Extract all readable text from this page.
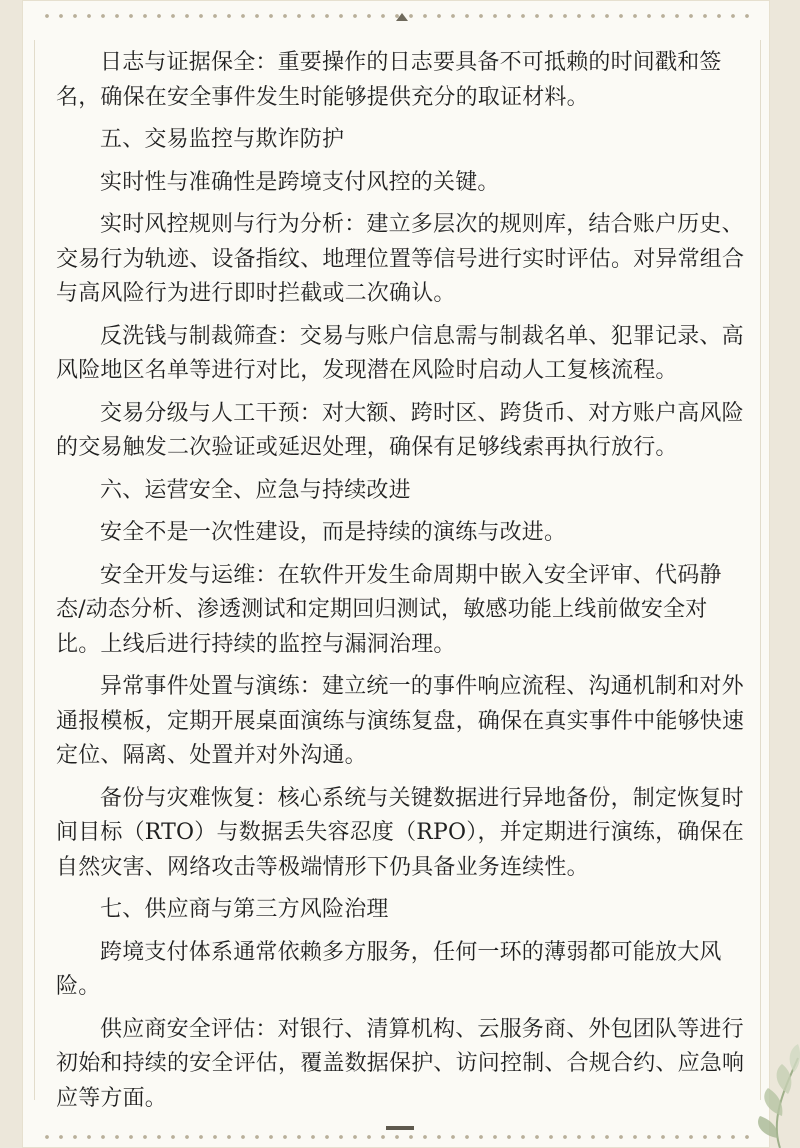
日志与证据保全：重要操作的日志要具备不可抵赖的时间戳和签名，确保在安全事件发生时能够提供充分的取证材料。

五、交易监控与欺诈防护

实时性与准确性是跨境支付风控的关键。

实时风控规则与行为分析：建立多层次的规则库，结合账户历史、交易行为轨迹、设备指纹、地理位置等信号进行实时评估。对异常组合与高风险行为进行即时拦截或二次确认。

反洗钱与制裁筛查：交易与账户信息需与制裁名单、犯罪记录、高风险地区名单等进行对比，发现潜在风险时启动人工复核流程。

交易分级与人工干预：对大额、跨时区、跨货币、对方账户高风险的交易触发二次验证或延迟处理，确保有足够线索再执行放行。

六、运营安全、应急与持续改进

安全不是一次性建设，而是持续的演练与改进。

安全开发与运维：在软件开发生命周期中嵌入安全评审、代码静态/动态分析、渗透测试和定期回归测试，敏感功能上线前做安全对比。上线后进行持续的监控与漏洞治理。

异常事件处置与演练：建立统一的事件响应流程、沟通机制和对外通报模板，定期开展桌面演练与演练复盘，确保在真实事件中能够快速定位、隔离、处置并对外沟通。

备份与灾难恢复：核心系统与关键数据进行异地备份，制定恢复时间目标（RTO）与数据丢失容忍度（RPO），并定期进行演练，确保在自然灾害、网络攻击等极端情形下仍具备业务连续性。

七、供应商与第三方风险治理

跨境支付体系通常依赖多方服务，任何一环的薄弱都可能放大风险。

供应商安全评估：对银行、清算机构、云服务商、外包团队等进行初始和持续的安全评估，覆盖数据保护、访问控制、合规合约、应急响应等方面。
